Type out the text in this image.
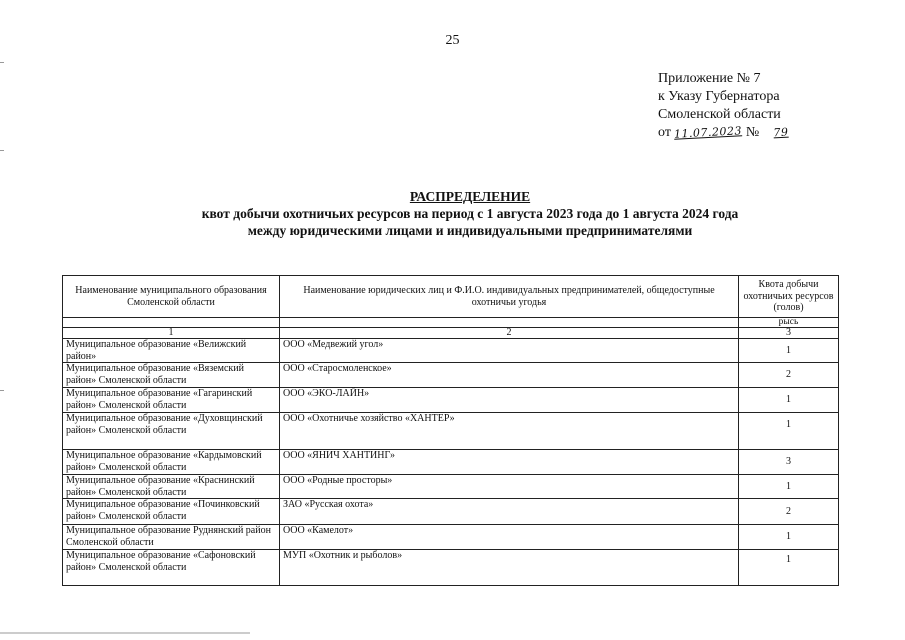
25
Приложение № 7
к Указу Губернатора
Смоленской области
от 11.07.2023 № 79
РАСПРЕДЕЛЕНИЕ
квот добычи охотничьих ресурсов на период с 1 августа 2023 года до 1 августа 2024 года
между юридическими лицами и индивидуальными предпринимателями
Наименование муниципального образования Смоленской области	Наименование юридических лиц и Ф.И.О. индивидуальных предпринимателей, общедоступные охотничьи угодья	Квота добычи охотничьих ресурсов (голов)
		рысь
1	2	3
Муниципальное образование «Велижский район»	ООО «Медвежий угол»	1
Муниципальное образование «Вяземский район» Смоленской области	ООО «Старосмоленское»	2
Муниципальное образование «Гагаринский район» Смоленской области	ООО «ЭКО-ЛАЙН»	1
Муниципальное образование «Духовщинский район» Смоленской области	ООО «Охотничье хозяйство «ХАНТЕР»	1
Муниципальное образование «Кардымовский район» Смоленской области	ООО «ЯНИЧ ХАНТИНГ»	3
Муниципальное образование «Краснинский район» Смоленской области	ООО «Родные просторы»	1
Муниципальное образование «Починковский район» Смоленской области	ЗАО «Русская охота»	2
Муниципальное образование Руднянский район Смоленской области	ООО «Камелот»	1
Муниципальное образование «Сафоновский район» Смоленской области	МУП «Охотник и рыболов»	1
